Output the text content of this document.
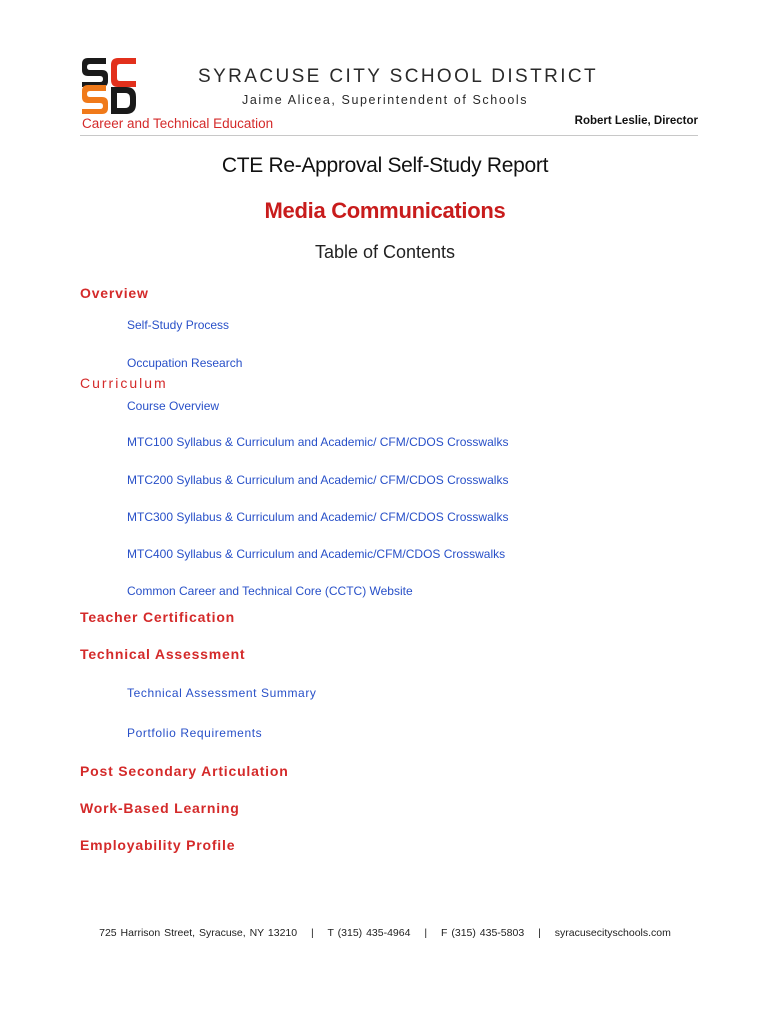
SYRACUSE CITY SCHOOL DISTRICT
Jaime Alicea, Superintendent of Schools
Career and Technical Education	Robert Leslie, Director
CTE Re-Approval Self-Study Report
Media Communications
Table of Contents
Overview
Self-Study Process
Occupation Research
Curriculum
Course Overview
MTC100 Syllabus & Curriculum and Academic/ CFM/CDOS Crosswalks
MTC200 Syllabus & Curriculum and Academic/ CFM/CDOS Crosswalks
MTC300 Syllabus & Curriculum and Academic/ CFM/CDOS Crosswalks
MTC400 Syllabus & Curriculum and Academic/CFM/CDOS Crosswalks
Common Career and Technical Core (CCTC) Website
Teacher Certification
Technical Assessment
Technical Assessment Summary
Portfolio Requirements
Post Secondary Articulation
Work-Based Learning
Employability Profile
725 Harrison Street, Syracuse, NY 13210 | T (315) 435-4964 | F (315) 435-5803 | syracusecityschools.com
